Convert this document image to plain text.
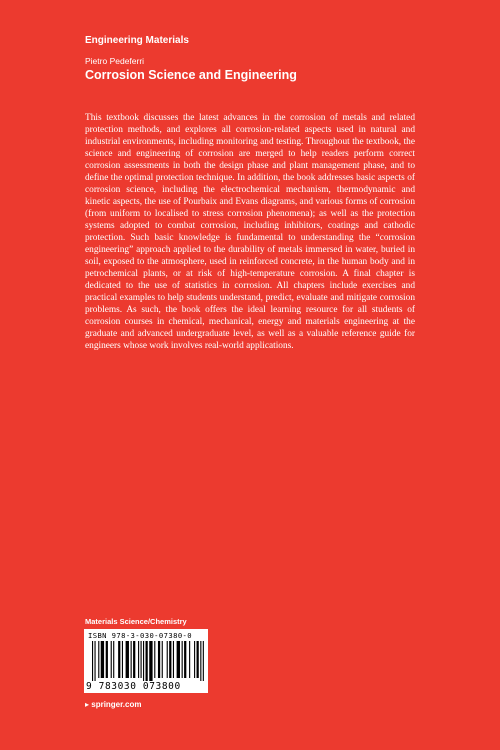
Engineering Materials
Pietro Pedeferri
Corrosion Science and Engineering
This textbook discusses the latest advances in the corrosion of metals and related protection methods, and explores all corrosion-related aspects used in natural and industrial environments, including monitoring and testing. Throughout the textbook, the science and engineering of corrosion are merged to help readers perform correct corrosion assessments in both the design phase and plant management phase, and to define the optimal protection technique. In addition, the book addresses basic aspects of corrosion science, including the electrochemical mechanism, thermodynamic and kinetic aspects, the use of Pourbaix and Evans diagrams, and various forms of corrosion (from uniform to localised to stress corrosion phenomena); as well as the protection systems adopted to combat corrosion, including inhibitors, coatings and cathodic protection. Such basic knowledge is fundamental to understanding the “corrosion engineering” approach applied to the durability of metals immersed in water, buried in soil, exposed to the atmosphere, used in reinforced concrete, in the human body and in petrochemical plants, or at risk of high-temperature corrosion. A final chapter is dedicated to the use of statistics in corrosion. All chapters include exercises and practical examples to help students understand, predict, evaluate and mitigate corrosion problems. As such, the book offers the ideal learning resource for all students of corrosion courses in chemical, mechanical, energy and materials engineering at the graduate and advanced undergraduate level, as well as a valuable reference guide for engineers whose work involves real-world applications.
Materials Science/Chemistry
ISBN 978-3-030-07380-0
9 783030 073800
▸ springer.com
